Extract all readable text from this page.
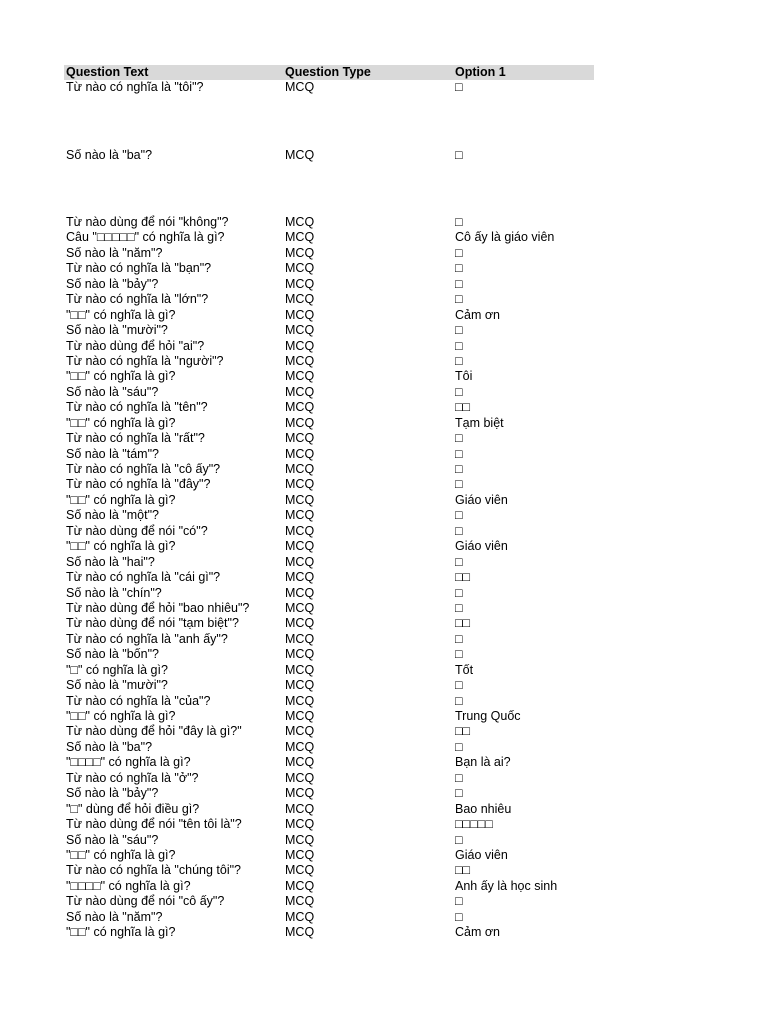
Question Text	Question Type	Option 1
Từ nào có nghĩa là "tôi"?	MCQ	□
Số nào là "ba"?	MCQ	□
Từ nào dùng để nói "không"?	MCQ	□
Câu "□□□□□" có nghĩa là gì?	MCQ	Cô ấy là giáo viên
Số nào là "năm"?	MCQ	□
Từ nào có nghĩa là "bạn"?	MCQ	□
Số nào là "bảy"?	MCQ	□
Từ nào có nghĩa là "lớn"?	MCQ	□
"□□" có nghĩa là gì?	MCQ	Cảm ơn
Số nào là "mười"?	MCQ	□
Từ nào dùng để hỏi "ai"?	MCQ	□
Từ nào có nghĩa là "người"?	MCQ	□
"□□" có nghĩa là gì?	MCQ	Tôi
Số nào là "sáu"?	MCQ	□
Từ nào có nghĩa là "tên"?	MCQ	□□
"□□" có nghĩa là gì?	MCQ	Tạm biệt
Từ nào có nghĩa là "rất"?	MCQ	□
Số nào là "tám"?	MCQ	□
Từ nào có nghĩa là "cô ấy"?	MCQ	□
Từ nào có nghĩa là "đây"?	MCQ	□
"□□" có nghĩa là gì?	MCQ	Giáo viên
Số nào là "một"?	MCQ	□
Từ nào dùng để nói "có"?	MCQ	□
"□□" có nghĩa là gì?	MCQ	Giáo viên
Số nào là "hai"?	MCQ	□
Từ nào có nghĩa là "cái gì"?	MCQ	□□
Số nào là "chín"?	MCQ	□
Từ nào dùng để hỏi "bao nhiêu"?	MCQ	□
Từ nào dùng để nói "tạm biệt"?	MCQ	□□
Từ nào có nghĩa là "anh ấy"?	MCQ	□
Số nào là "bốn"?	MCQ	□
"□" có nghĩa là gì?	MCQ	Tốt
Số nào là "mười"?	MCQ	□
Từ nào có nghĩa là "của"?	MCQ	□
"□□" có nghĩa là gì?	MCQ	Trung Quốc
Từ nào dùng để hỏi "đây là gì?"	MCQ	□□
Số nào là "ba"?	MCQ	□
"□□□□" có nghĩa là gì?	MCQ	Bạn là ai?
Từ nào có nghĩa là "ở"?	MCQ	□
Số nào là "bảy"?	MCQ	□
"□" dùng để hỏi điều gì?	MCQ	Bao nhiêu
Từ nào dùng để nói "tên tôi là"?	MCQ	□□□□□
Số nào là "sáu"?	MCQ	□
"□□" có nghĩa là gì?	MCQ	Giáo viên
Từ nào có nghĩa là "chúng tôi"?	MCQ	□□
"□□□□" có nghĩa là gì?	MCQ	Anh ấy là học sinh
Từ nào dùng để nói "cô ấy"?	MCQ	□
Số nào là "năm"?	MCQ	□
"□□" có nghĩa là gì?	MCQ	Cảm ơn
